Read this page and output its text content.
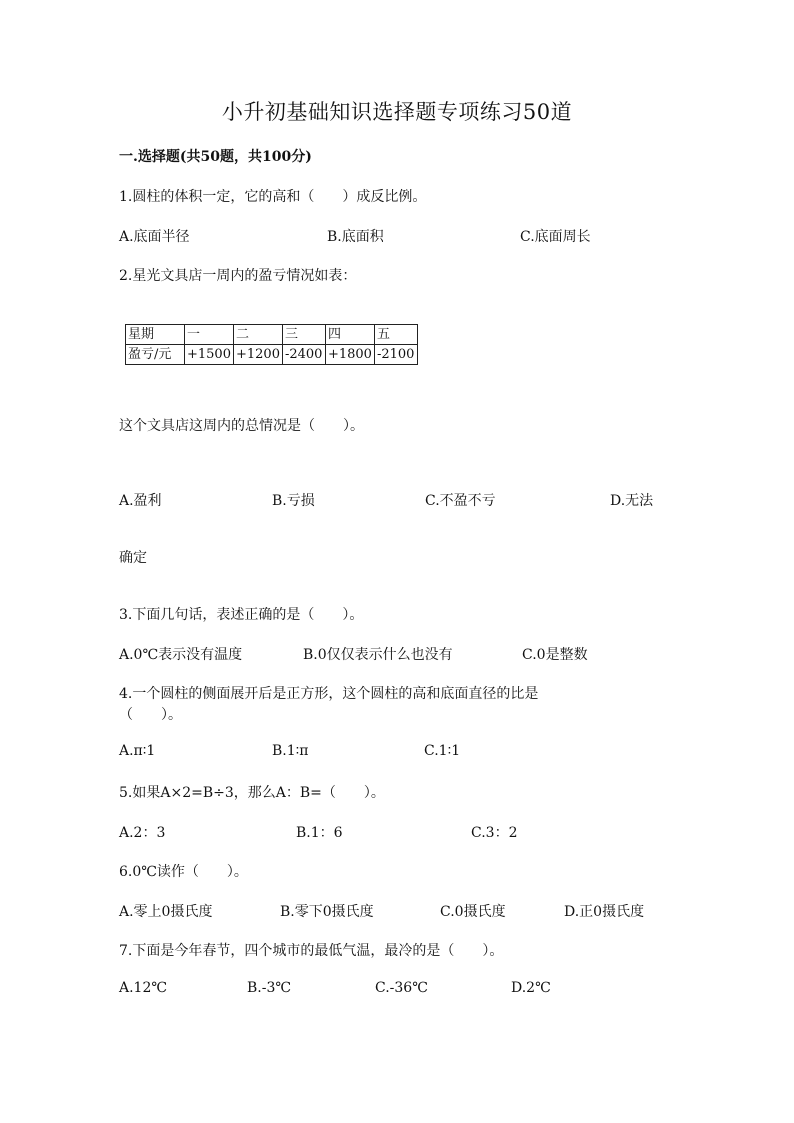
小升初基础知识选择题专项练习50道
一.选择题(共50题，共100分)
1.圆柱的体积一定，它的高和（　　）成反比例。
A.底面半径	B.底面积	C.底面周长
2.星光文具店一周内的盈亏情况如表：
星期	一	二	三	四	五
盈亏/元	+1500	+1200	-2400	+1800	-2100
这个文具店这周内的总情况是（　　）。
A.盈利	B.亏损	C.不盈不亏	D.无法
确定
3.下面几句话，表述正确的是（　　）。
A.0℃表示没有温度	B.0仅仅表示什么也没有	C.0是整数
4.一个圆柱的侧面展开后是正方形，这个圆柱的高和底面直径的比是
（　　）。
A.π∶1	B.1∶π	C.1∶1
5.如果A×2=B÷3，那么A：B=（　　）。
A.2：3	B.1：6	C.3：2
6.0℃读作（　　）。
A.零上0摄氏度	B.零下0摄氏度	C.0摄氏度	D.正0摄氏度
7.下面是今年春节，四个城市的最低气温，最冷的是（　　）。
A.12℃	B.-3℃	C.-36℃	D.2℃
